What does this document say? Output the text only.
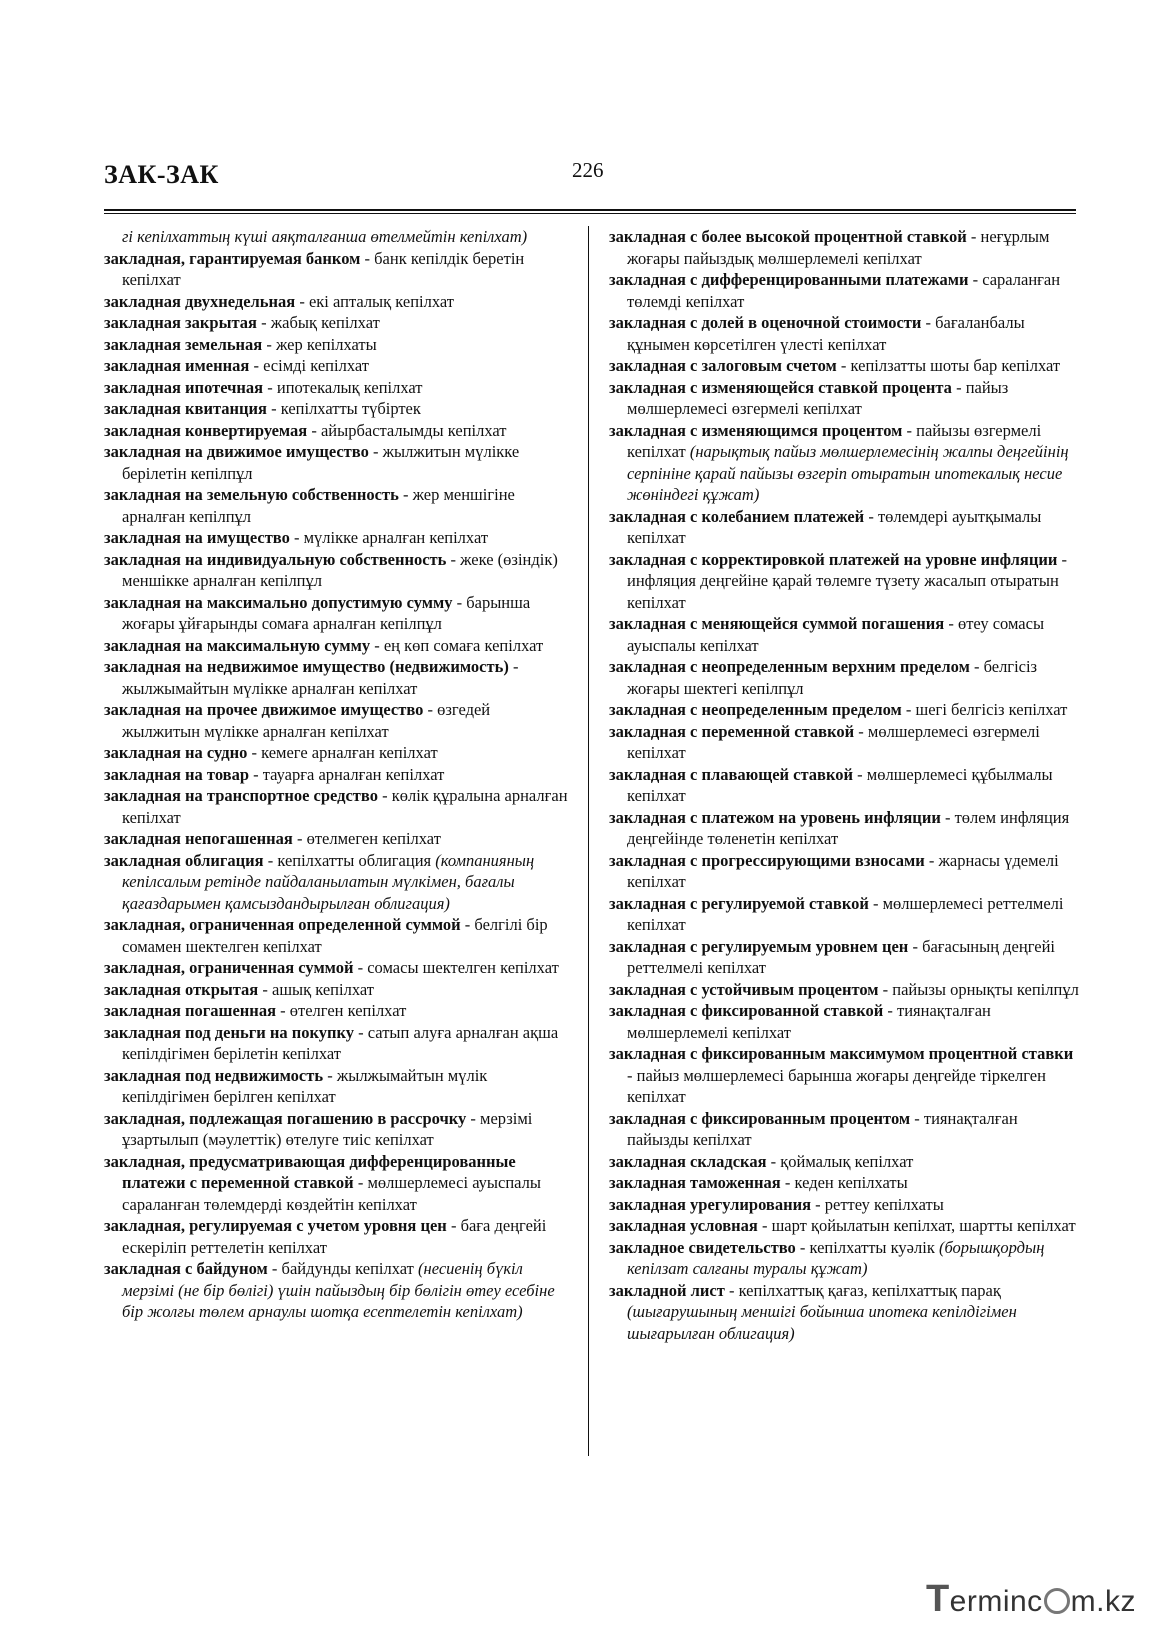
ЗАК-ЗАК	226

гі кепілхаттың күші аяқталғанша өтелмейтін кепілхат)

закладная, гарантируемая банком - банк кепілдік беретін кепілхат

закладная двухнедельная - екі апталық кепілхат

закладная закрытая - жабық кепілхат

закладная земельная - жер кепілхаты

закладная именная - есімді кепілхат

закладная ипотечная - ипотекалық кепілхат

закладная квитанция - кепілхатты түбіртек

закладная конвертируемая - айырбасталымды кепілхат

закладная на движимое имущество - жылжитын мүлікке берілетін кепілпұл

закладная на земельную собственность - жер меншігіне арналған кепілпұл

закладная на имущество - мүлікке арналған кепілхат

закладная на индивидуальную собственность - жеке (өзіндік) меншікке арналған кепілпұл

закладная на максимально допустимую сумму - барынша жоғары ұйғарынды сомаға арналған кепілпұл

закладная на максимальную сумму - ең көп сомаға кепілхат

закладная на недвижимое имущество (недвижимость) - жылжымайтын мүлікке арналған кепілхат

закладная на прочее движимое имущество - өзгедей жылжитын мүлікке арналған кепілхат

закладная на судно - кемеге арналған кепілхат

закладная на товар - тауарға арналған кепілхат

закладная на транспортное средство - көлік құралына арналған кепілхат

закладная непогашенная - өтелмеген кепілхат

закладная облигация - кепілхатты облигация (компанияның кепілсалым ретінде пайдаланылатын мүлкімен, бағалы қағаздарымен қамсыздандырылған облигация)

закладная, ограниченная определенной суммой - белгілі бір сомамен шектелген кепілхат

закладная, ограниченная суммой - сомасы шектелген кепілхат

закладная открытая - ашық кепілхат

закладная погашенная - өтелген кепілхат

закладная под деньги на покупку - сатып алуға арналған ақша кепілдігімен берілетін кепілхат

закладная под недвижимость - жылжымайтын мүлік кепілдігімен берілген кепілхат

закладная, подлежащая погашению в рассрочку - мерзімі ұзартылып (мәулеттік) өтелуге тиіс кепілхат

закладная, предусматривающая дифференцированные платежи с переменной ставкой - мөлшерлемесі ауыспалы сараланған төлемдерді көздейтін кепілхат

закладная, регулируемая с учетом уровня цен - баға деңгейі ескеріліп реттелетін кепілхат

закладная с байдуном - байдунды кепілхат (несиенің бүкіл мерзімі (не бір бөлігі) үшін пайыздың бір бөлігін өтеу есебіне бір жолғы төлем арнаулы шотқа есептелетін кепілхат)

закладная с более высокой процентной ставкой - неғұрлым жоғары пайыздық мөлшерлемелі кепілхат

закладная с дифференцированными платежами - сараланған төлемді кепілхат

закладная с долей в оценочной стоимости - бағаланбалы құнымен көрсетілген үлесті кепілхат

закладная с залоговым счетом - кепілзатты шоты бар кепілхат

закладная с изменяющейся ставкой процента - пайыз мөлшерлемесі өзгермелі кепілхат

закладная с изменяющимся процентом - пайызы өзгермелі кепілхат (нарықтық пайыз мөлшерлемесінің жалпы деңгейінің серпініне қарай пайызы өзгеріп отыратын ипотекалық несие жөніндегі құжат)

закладная с колебанием платежей - төлемдері ауытқымалы кепілхат

закладная с корректировкой платежей на уровне инфляции - инфляция деңгейіне қарай төлемге түзету жасалып отыратын кепілхат

закладная с меняющейся суммой погашения - өтеу сомасы ауыспалы кепілхат

закладная с неопределенным верхним пределом - белгісіз жоғары шектегі кепілпұл

закладная с неопределенным пределом - шегі белгісіз кепілхат

закладная с переменной ставкой - мөлшерлемесі өзгермелі кепілхат

закладная с плавающей ставкой - мөлшерлемесі құбылмалы кепілхат

закладная с платежом на уровень инфляции - төлем инфляция деңгейінде төленетін кепілхат

закладная с прогрессирующими взносами - жарнасы үдемелі кепілхат

закладная с регулируемой ставкой - мөлшерлемесі реттелмелі кепілхат

закладная с регулируемым уровнем цен - бағасының деңгейі реттелмелі кепілхат

закладная с устойчивым процентом - пайызы орнықты кепілпұл

закладная с фиксированной ставкой - тиянақталған мөлшерлемелі кепілхат

закладная с фиксированным максимумом процентной ставки - пайыз мөлшерлемесі барынша жоғары деңгейде тіркелген кепілхат

закладная с фиксированным процентом - тиянақталған пайызды кепілхат

закладная складская - қоймалық кепілхат

закладная таможенная - кеден кепілхаты

закладная урегулирования - реттеу кепілхаты

закладная условная - шарт қойылатын кепілхат, шартты кепілхат

закладное свидетельство - кепілхатты куәлік (борышқордың кепілзат салғаны туралы құжат)

закладной лист - кепілхаттық қағаз, кепілхаттық парақ (шығарушының меншігі бойынша ипотека кепілдігімен шығарылған облигация)

Terminc m.kz
